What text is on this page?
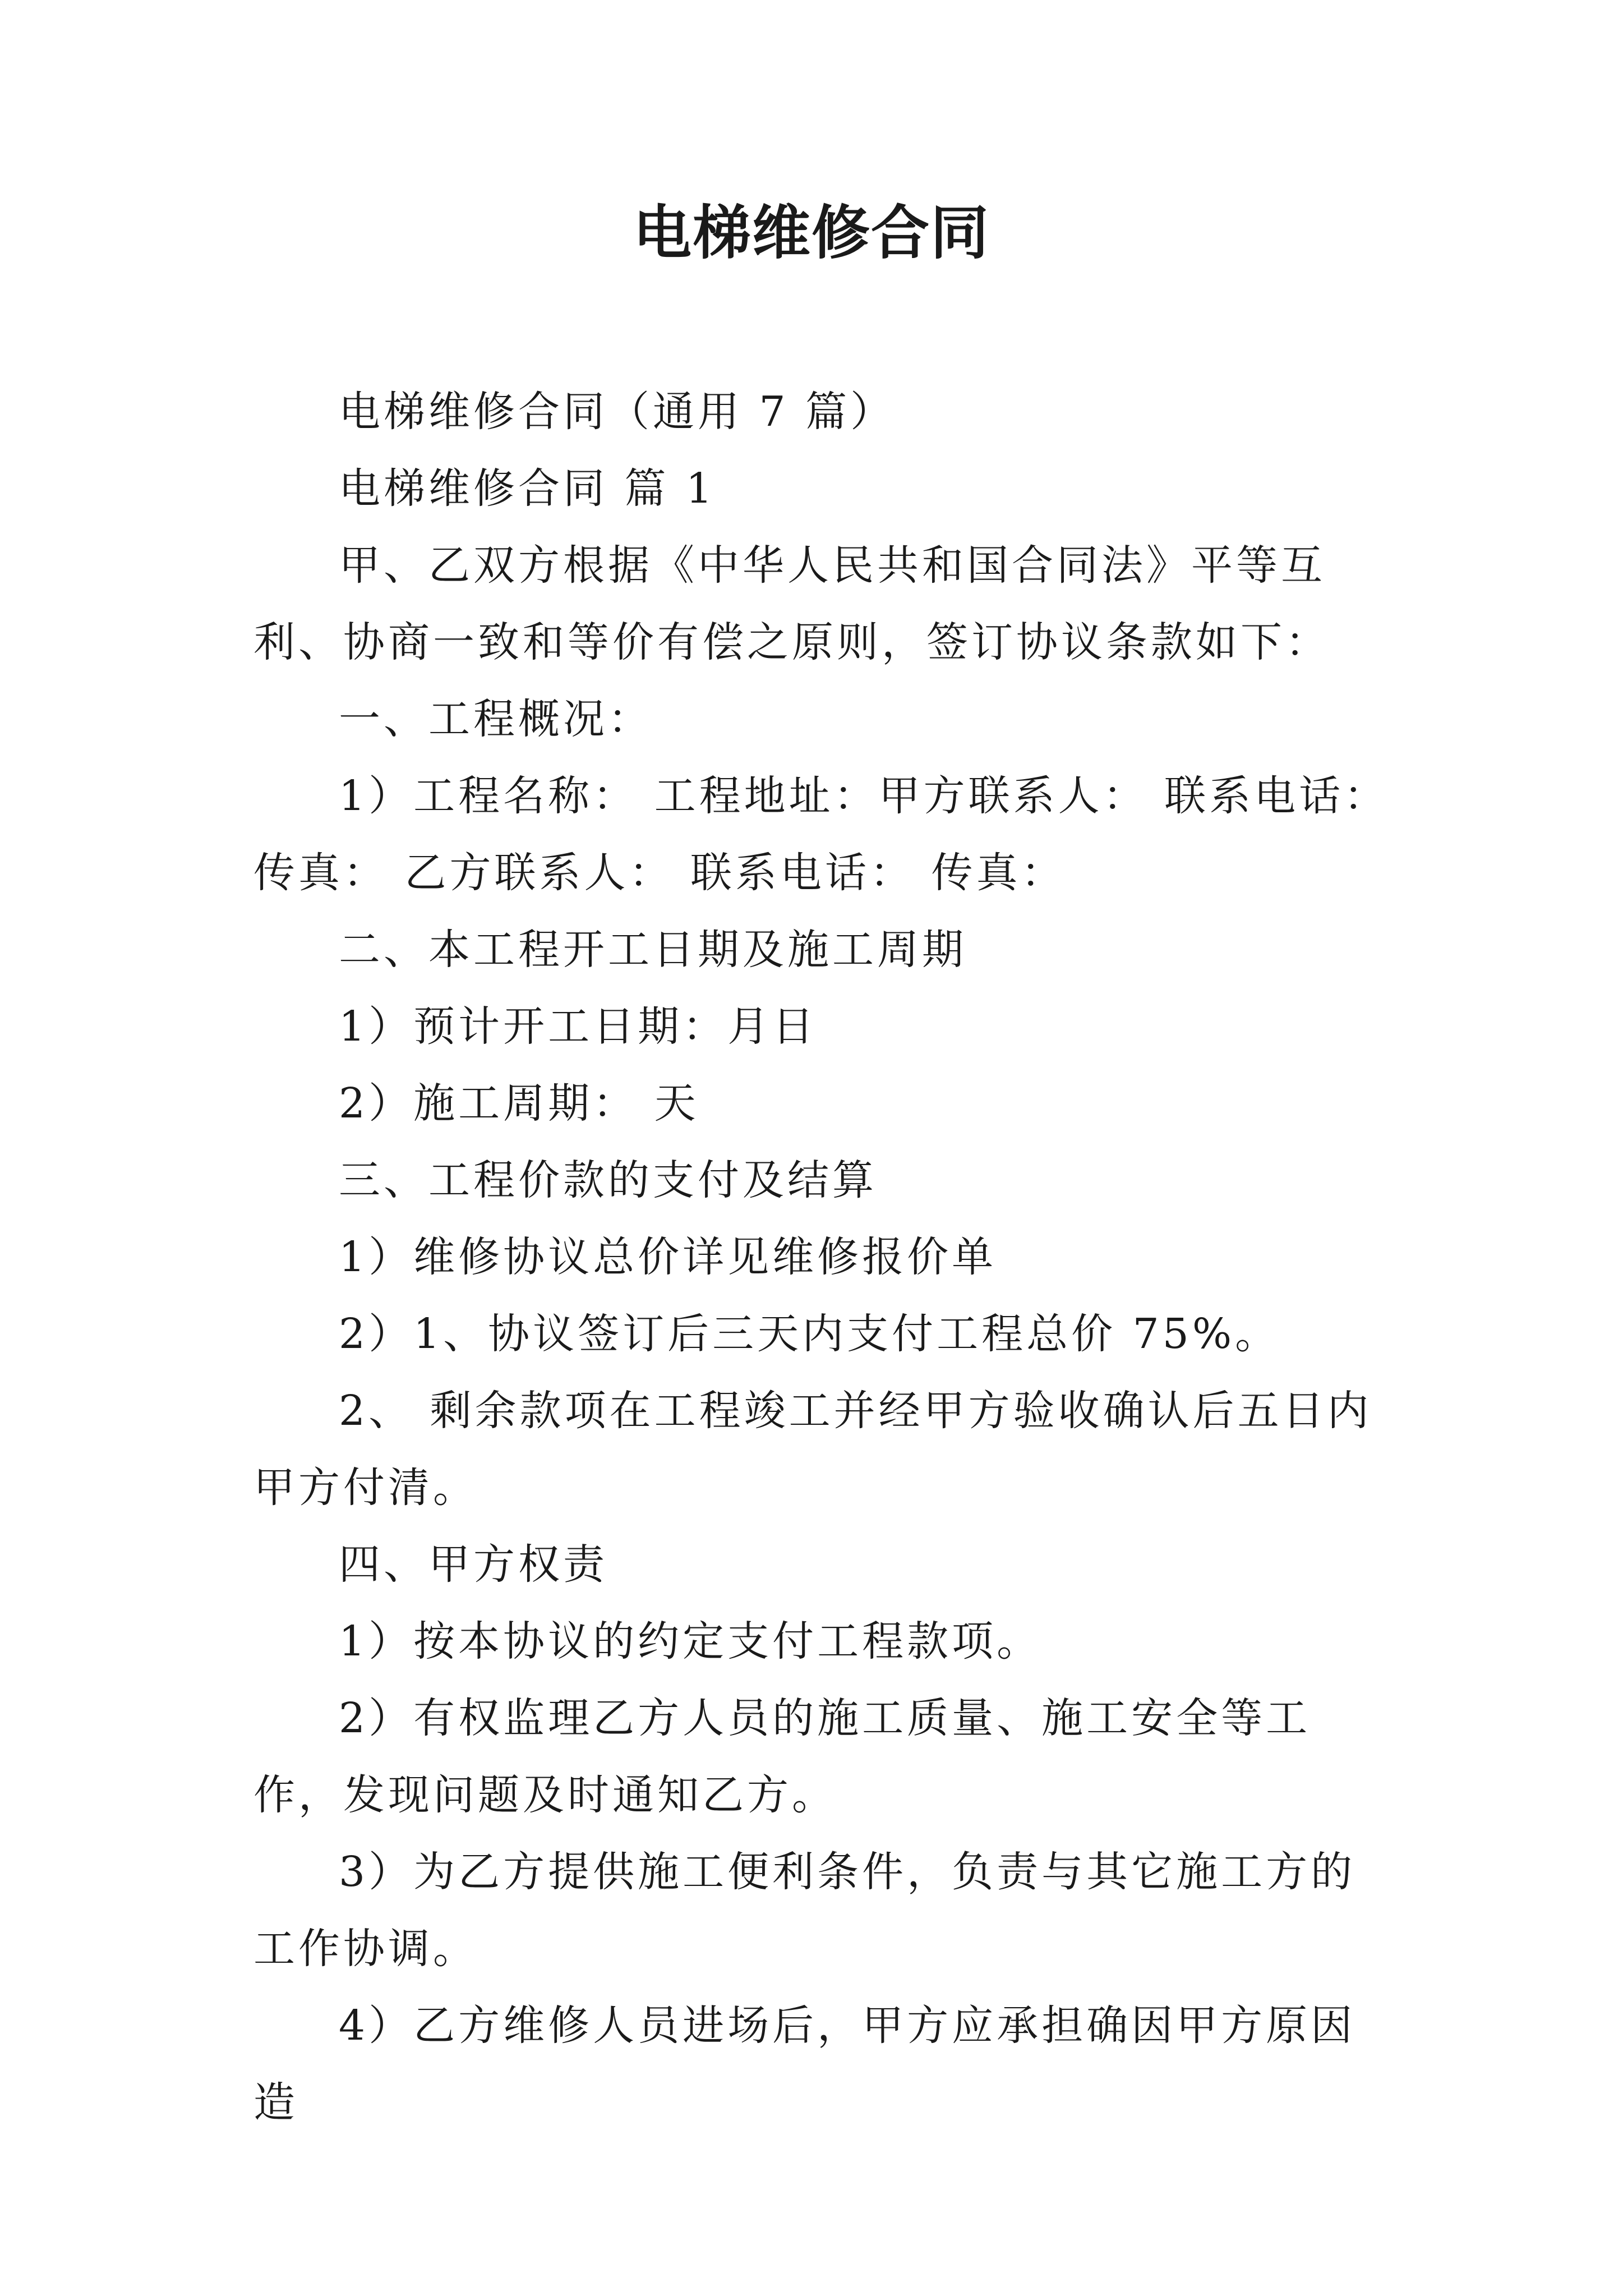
电梯维修合同

电梯维修合同（通用 7 篇）

电梯维修合同 篇 1

甲、乙双方根据《中华人民共和国合同法》平等互利、协商一致和等价有偿之原则，签订协议条款如下：

一、工程概况：

1）工程名称： 工程地址：甲方联系人： 联系电话：传真： 乙方联系人： 联系电话： 传真：

二、本工程开工日期及施工周期

1）预计开工日期：月日

2）施工周期： 天

三、工程价款的支付及结算

1）维修协议总价详见维修报价单

2）1、协议签订后三天内支付工程总价 75%。

2、 剩余款项在工程竣工并经甲方验收确认后五日内甲方付清。

四、甲方权责

1）按本协议的约定支付工程款项。

2）有权监理乙方人员的施工质量、施工安全等工作，发现问题及时通知乙方。

3）为乙方提供施工便利条件，负责与其它施工方的工作协调。

4）乙方维修人员进场后，甲方应承担确因甲方原因造
